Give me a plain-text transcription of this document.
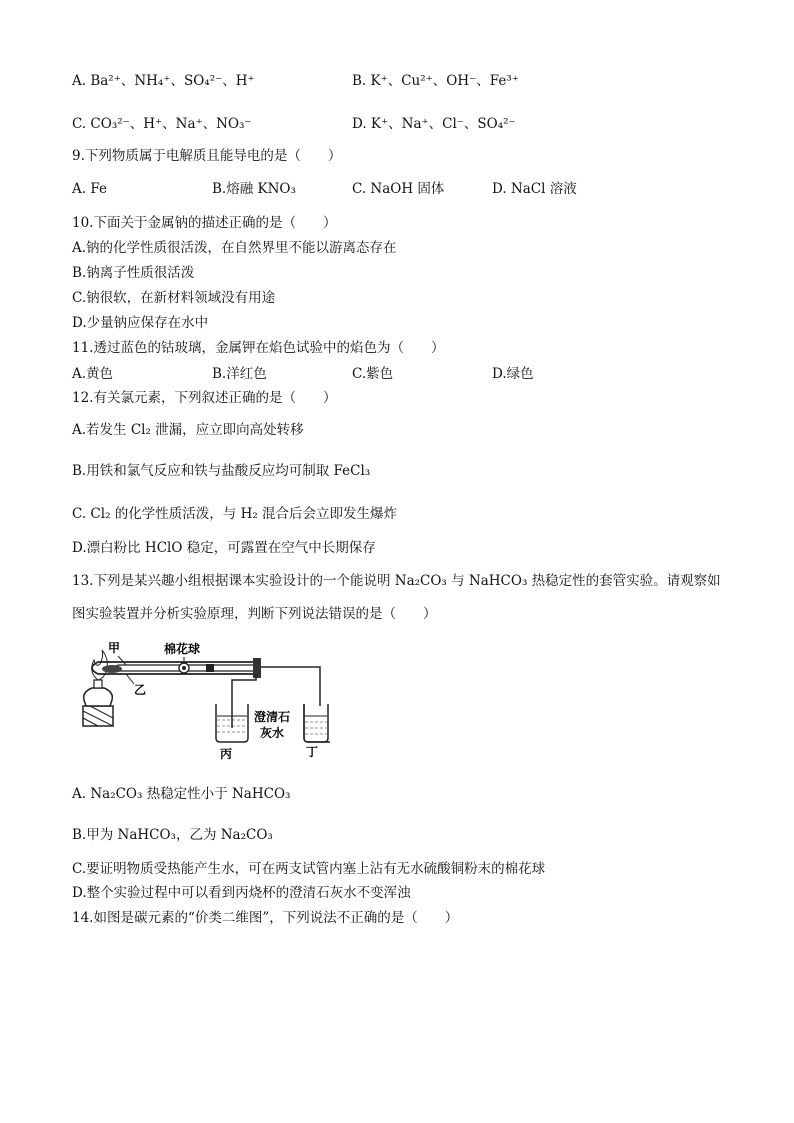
A. Ba²⁺、NH₄⁺、SO₄²⁻、H⁺	B. K⁺、Cu²⁺、OH⁻、Fe³⁺
C. CO₃²⁻、H⁺、Na⁺、NO₃⁻	D. K⁺、Na⁺、Cl⁻、SO₄²⁻
9.下列物质属于电解质且能导电的是（　　）
A. Fe	B.熔融 KNO₃	C. NaOH 固体	D. NaCl 溶液
10.下面关于金属钠的描述正确的是（　　）
A.钠的化学性质很活泼，在自然界里不能以游离态存在
B.钠离子性质很活泼
C.钠很软，在新材料领域没有用途
D.少量钠应保存在水中
11.透过蓝色的钴玻璃，金属钾在焰色试验中的焰色为（　　）
A.黄色	B.洋红色	C.紫色	D.绿色
12.有关氯元素，下列叙述正确的是（　　）
A.若发生 Cl₂ 泄漏，应立即向高处转移
B.用铁和氯气反应和铁与盐酸反应均可制取 FeCl₃
C. Cl₂ 的化学性质活泼，与 H₂ 混合后会立即发生爆炸
D.漂白粉比 HClO 稳定，可露置在空气中长期保存
13.下列是某兴趣小组根据课本实验设计的一个能说明 Na₂CO₃ 与 NaHCO₃ 热稳定性的套管实验。请观察如
图实验装置并分析实验原理，判断下列说法错误的是（　　）
甲	棉花球
乙
澄清石
灰水
丙	丁
A. Na₂CO₃ 热稳定性小于 NaHCO₃
B.甲为 NaHCO₃，乙为 Na₂CO₃
C.要证明物质受热能产生水，可在两支试管内塞上沾有无水硫酸铜粉末的棉花球
D.整个实验过程中可以看到丙烧杯的澄清石灰水不变浑浊
14.如图是碳元素的“价类二维图”，下列说法不正确的是（　　）
